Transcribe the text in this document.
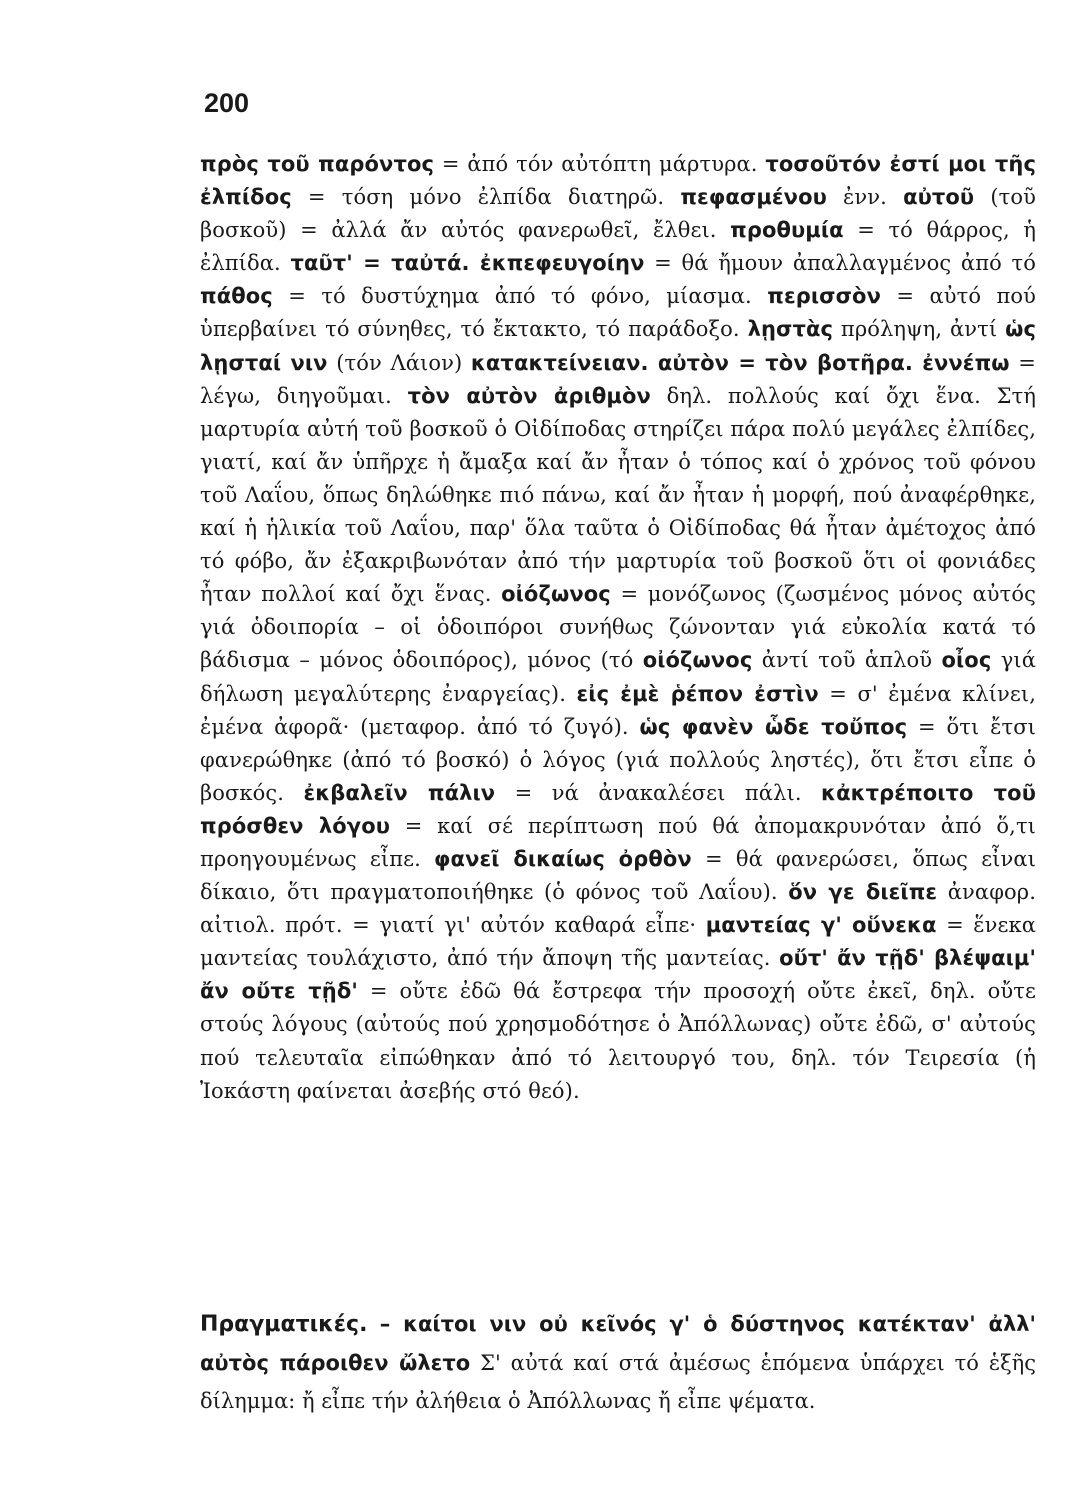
200
πρὸς τοῦ παρόντος = ἀπό τόν αὐτόπτη μάρτυρα. τοσοῦτόν ἐστί μοι τῆς ἐλπίδος = τόση μόνο ἐλπίδα διατηρῶ. πεφασμένου ἐνν. αὐτοῦ (τοῦ βοσκοῦ) = ἀλλά ἄν αὐτός φανερωθεῖ, ἔλθει. προθυμία = τό θάρρος, ἡ ἐλπίδα. ταῦτ' = ταὐτά. ἐκπεφευγοίην = θά ἤμουν ἀπαλλαγμένος ἀπό τό πάθος = τό δυστύχημα ἀπό τό φόνο, μίασμα. περισσὸν = αὐτό πού ὑπερβαίνει τό σύνηθες, τό ἔκτακτο, τό παράδοξο. λῃστὰς πρόληψη, ἀντί ὡς λῃσταί νιν (τόν Λάιον) κατακτείνειαν. αὐτὸν = τὸν βοτῆρα. ἐννέπω = λέγω, διηγοῦμαι. τὸν αὐτὸν ἀριθμὸν δηλ. πολλούς καί ὄχι ἕνα. Στή μαρτυρία αὐτή τοῦ βοσκοῦ ὁ Οἰδίποδας στηρίζει πάρα πολύ μεγάλες ἐλπίδες, γιατί, καί ἄν ὑπῆρχε ἡ ἄμαξα καί ἄν ἦταν ὁ τόπος καί ὁ χρόνος τοῦ φόνου τοῦ Λαΐου, ὅπως δηλώθηκε πιό πάνω, καί ἄν ἦταν ἡ μορφή, πού ἀναφέρθηκε, καί ἡ ἡλικία τοῦ Λαΐου, παρ' ὅλα ταῦτα ὁ Οἰδίποδας θά ἦταν ἀμέτοχος ἀπό τό φόβο, ἄν ἐξακριβωνόταν ἀπό τήν μαρτυρία τοῦ βοσκοῦ ὅτι οἱ φονιάδες ἦταν πολλοί καί ὄχι ἕνας. οἰόζωνος = μονόζωνος (ζωσμένος μόνος αὐτός γιά ὁδοιπορία – οἱ ὁδοιπόροι συνήθως ζώνονταν γιά εὐκολία κατά τό βάδισμα – μόνος ὁδοιπόρος), μόνος (τό οἰόζωνος ἀντί τοῦ ἁπλοῦ οἶος γιά δήλωση μεγαλύτερης ἐναργείας). εἰς ἐμὲ ῥέπον ἐστὶν = σ' ἐμένα κλίνει, ἐμένα ἀφορᾶ· (μεταφορ. ἀπό τό ζυγό). ὡς φανὲν ὧδε τοὔπος = ὅτι ἔτσι φανερώθηκε (ἀπό τό βοσκό) ὁ λόγος (γιά πολλούς ληστές), ὅτι ἔτσι εἶπε ὁ βοσκός. ἐκβαλεῖν πάλιν = νά ἀνακαλέσει πάλι. κἀκτρέποιτο τοῦ πρόσθεν λόγου = καί σέ περίπτωση πού θά ἀπομακρυνόταν ἀπό ὅ,τι προηγουμένως εἶπε. φανεῖ δικαίως ὀρθὸν = θά φανερώσει, ὅπως εἶναι δίκαιο, ὅτι πραγματοποιήθηκε (ὁ φόνος τοῦ Λαΐου). ὅν γε διεῖπε ἀναφορ. αἰτιολ. πρότ. = γιατί γι' αὐτόν καθαρά εἶπε· μαντείας γ' οὕνεκα = ἕνεκα μαντείας τουλάχιστο, ἀπό τήν ἄποψη τῆς μαντείας. οὔτ' ἄν τῇδ' βλέψαιμ' ἄν οὔτε τῇδ' = οὔτε ἐδῶ θά ἔστρεφα τήν προσοχή οὔτε ἐκεῖ, δηλ. οὔτε στούς λόγους (αὐτούς πού χρησμοδότησε ὁ Ἀπόλλωνας) οὔτε ἐδῶ, σ' αὐτούς πού τελευταῖα εἰπώθηκαν ἀπό τό λειτουργό του, δηλ. τόν Τειρεσία (ἡ Ἰοκάστη φαίνεται ἀσεβής στό θεό).
Πραγματικές. – καίτοι νιν οὐ κεῖνός γ' ὁ δύστηνος κατέκταν' ἀλλ' αὐτὸς πάροιθεν ὤλετο Σ' αὐτά καί στά ἀμέσως ἑπόμενα ὑπάρχει τό ἑξῆς δίλημμα: ἤ εἶπε τήν ἀλήθεια ὁ Ἀπόλλωνας ἤ εἶπε ψέματα.
